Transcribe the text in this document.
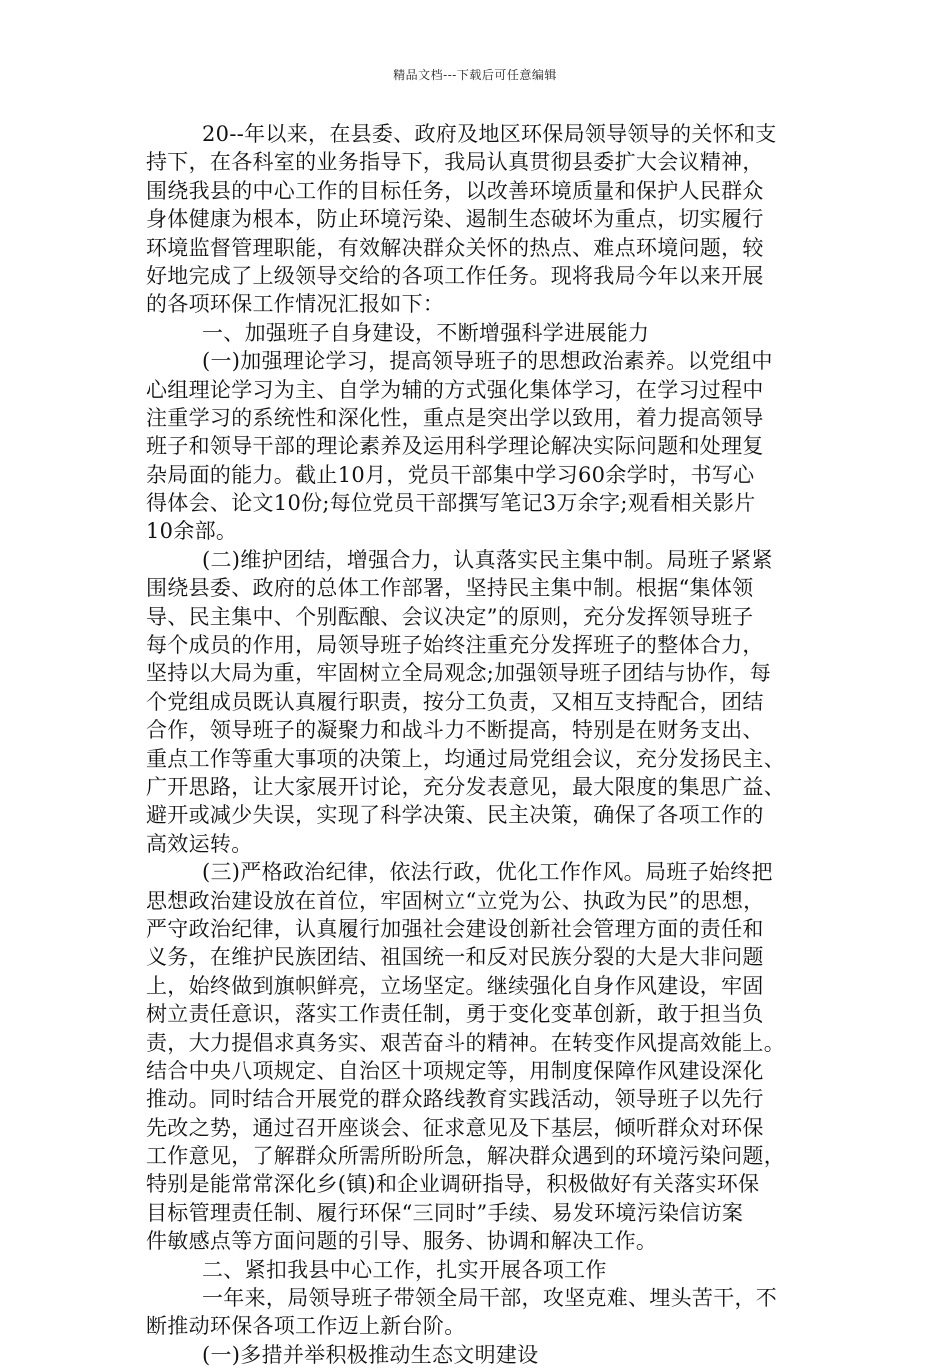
精品文档---下载后可任意编辑
20--年以来，在县委、政府及地区环保局领导领导的关怀和支
持下，在各科室的业务指导下，我局认真贯彻县委扩大会议精神，
围绕我县的中心工作的目标任务，以改善环境质量和保护人民群众
身体健康为根本，防止环境污染、遏制生态破坏为重点，切实履行
环境监督管理职能，有效解决群众关怀的热点、难点环境问题，较
好地完成了上级领导交给的各项工作任务。现将我局今年以来开展
的各项环保工作情况汇报如下：
一、加强班子自身建设，不断增强科学进展能力
(一)加强理论学习，提高领导班子的思想政治素养。以党组中
心组理论学习为主、自学为辅的方式强化集体学习，在学习过程中
注重学习的系统性和深化性，重点是突出学以致用，着力提高领导
班子和领导干部的理论素养及运用科学理论解决实际问题和处理复
杂局面的能力。截止10月，党员干部集中学习60余学时，书写心
得体会、论文10份;每位党员干部撰写笔记3万余字;观看相关影片
10余部。
(二)维护团结，增强合力，认真落实民主集中制。局班子紧紧
围绕县委、政府的总体工作部署，坚持民主集中制。根据“集体领
导、民主集中、个别酝酿、会议决定”的原则，充分发挥领导班子
每个成员的作用，局领导班子始终注重充分发挥班子的整体合力，
坚持以大局为重，牢固树立全局观念;加强领导班子团结与协作，每
个党组成员既认真履行职责，按分工负责，又相互支持配合，团结
合作，领导班子的凝聚力和战斗力不断提高，特别是在财务支出、
重点工作等重大事项的决策上，均通过局党组会议，充分发扬民主、
广开思路，让大家展开讨论，充分发表意见，最大限度的集思广益、
避开或减少失误，实现了科学决策、民主决策，确保了各项工作的
高效运转。
(三)严格政治纪律，依法行政，优化工作作风。局班子始终把
思想政治建设放在首位，牢固树立“立党为公、执政为民”的思想，
严守政治纪律，认真履行加强社会建设创新社会管理方面的责任和
义务，在维护民族团结、祖国统一和反对民族分裂的大是大非问题
上，始终做到旗帜鲜亮，立场坚定。继续强化自身作风建设，牢固
树立责任意识，落实工作责任制，勇于变化变革创新，敢于担当负
责，大力提倡求真务实、艰苦奋斗的精神。在转变作风提高效能上。
结合中央八项规定、自治区十项规定等，用制度保障作风建设深化
推动。同时结合开展党的群众路线教育实践活动，领导班子以先行
先改之势，通过召开座谈会、征求意见及下基层，倾听群众对环保
工作意见，了解群众所需所盼所急，解决群众遇到的环境污染问题，
特别是能常常深化乡(镇)和企业调研指导，积极做好有关落实环保
目标管理责任制、履行环保“三同时”手续、易发环境污染信访案
件敏感点等方面问题的引导、服务、协调和解决工作。
二、紧扣我县中心工作，扎实开展各项工作
一年来，局领导班子带领全局干部，攻坚克难、埋头苦干，不
断推动环保各项工作迈上新台阶。
(一)多措并举积极推动生态文明建设
